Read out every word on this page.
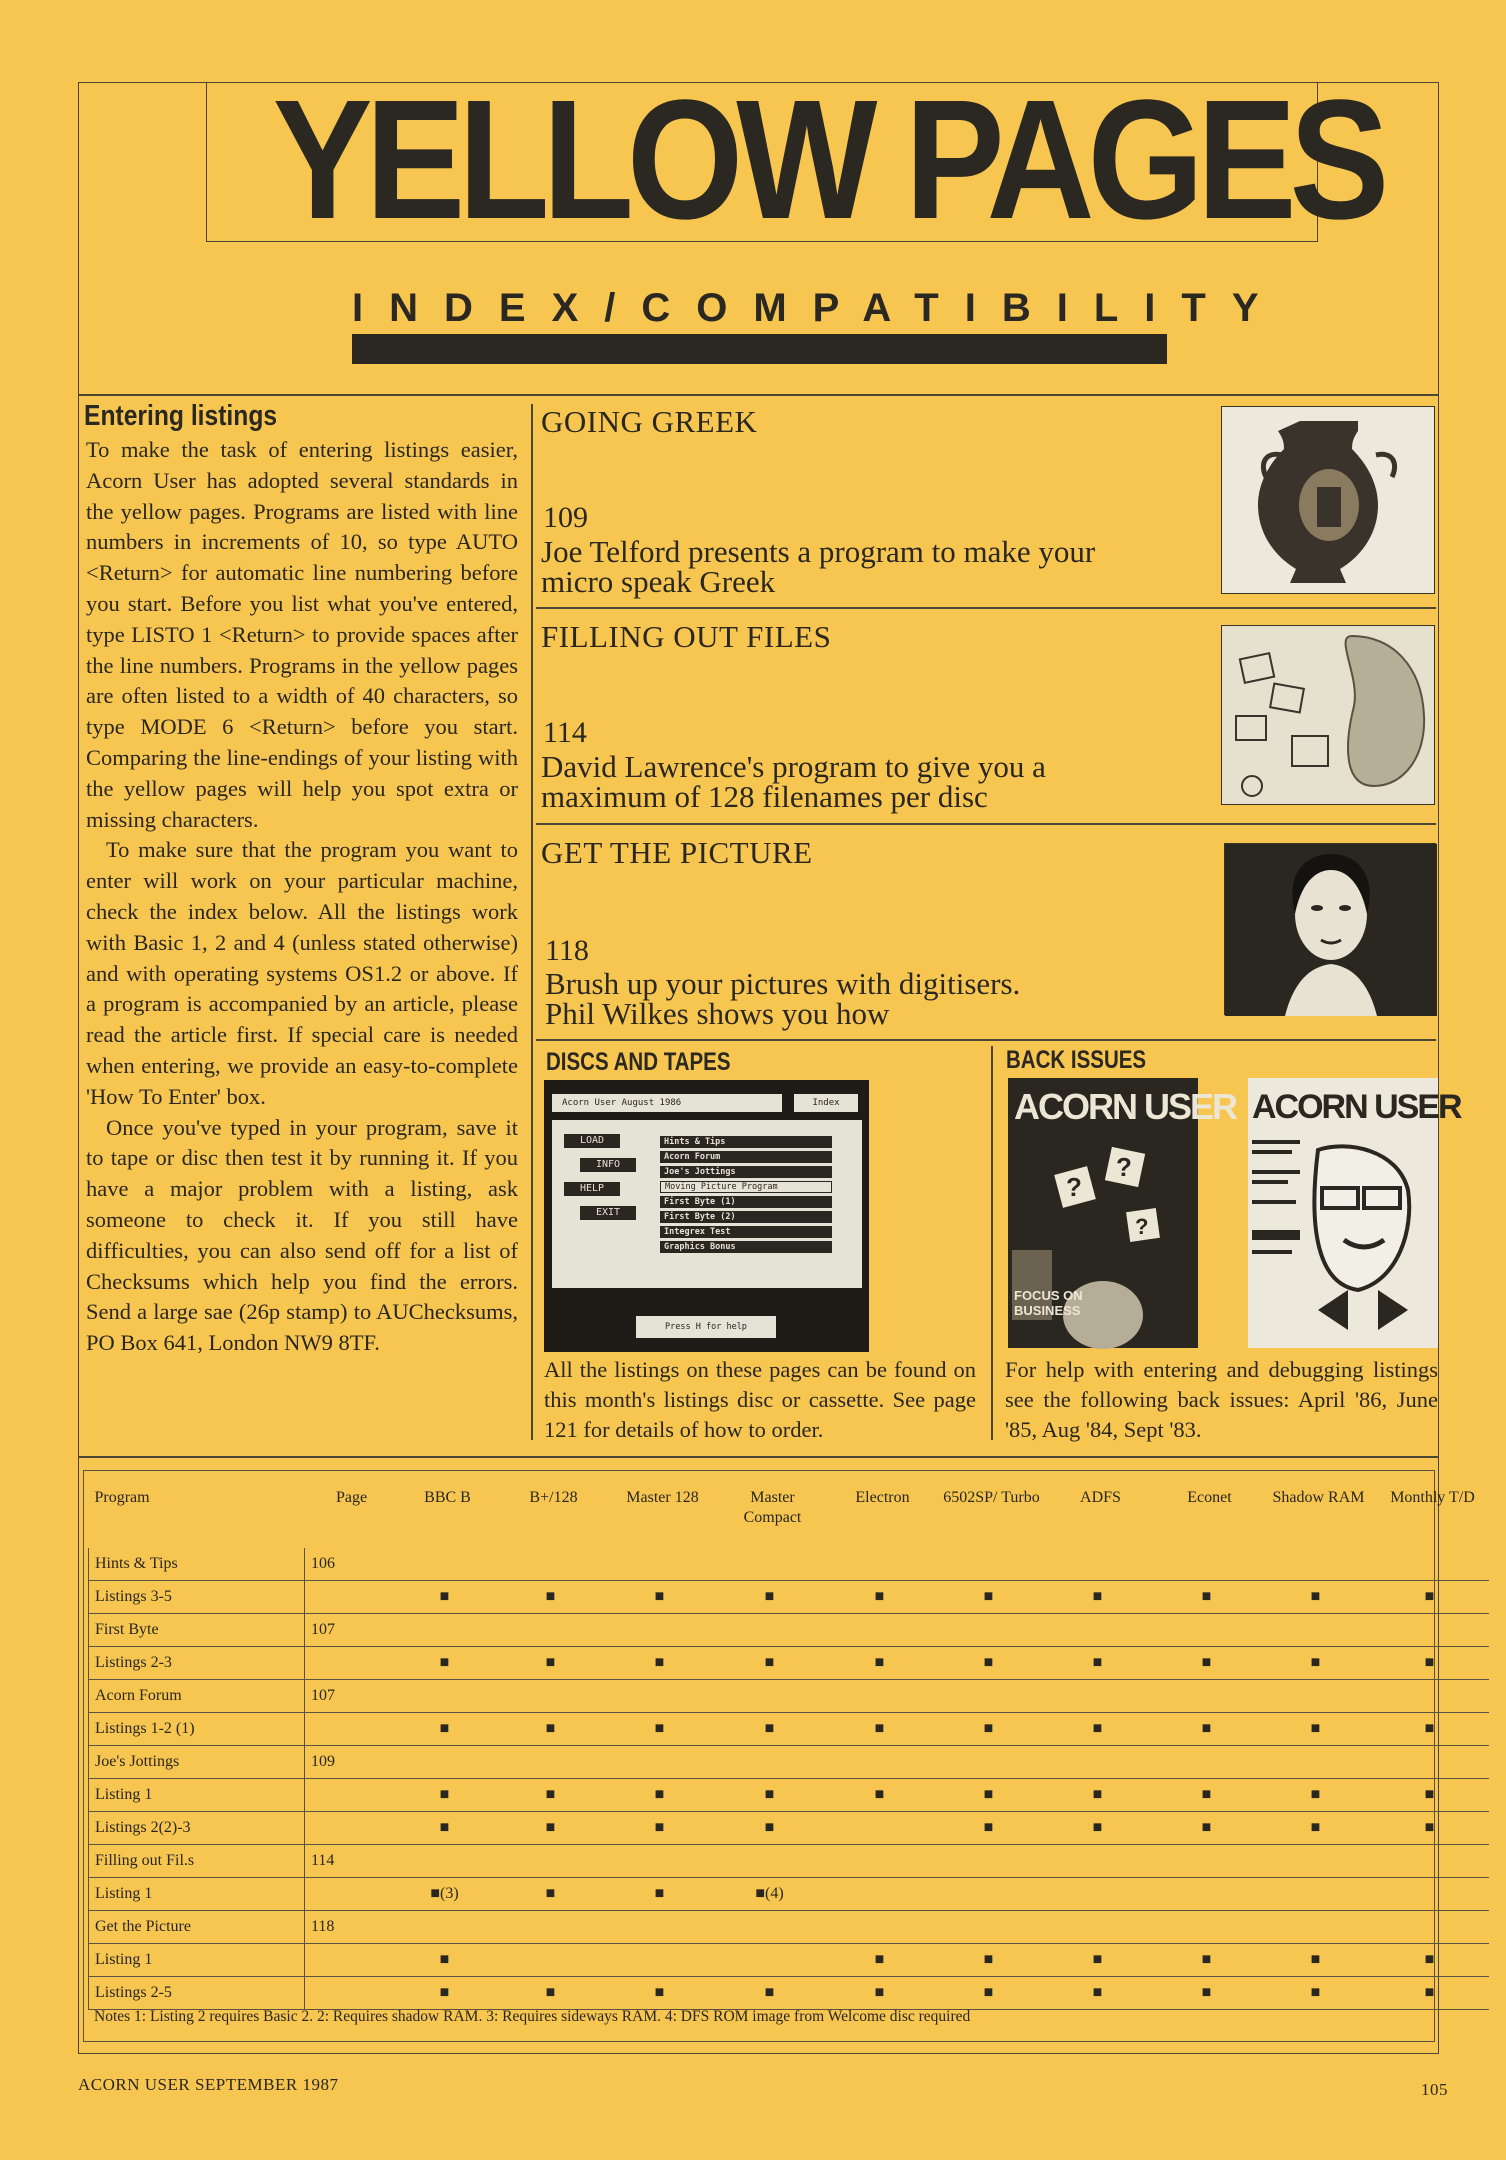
YELLOW PAGES
INDEX/COMPATIBILITY
Entering listings

To make the task of entering listings easier, Acorn User has adopted several standards in the yellow pages. Programs are listed with line numbers in increments of 10, so type AUTO <Return> for automatic line numbering before you start. Before you list what you've entered, type LISTO 1 <Return> to provide spaces after the line numbers. Programs in the yellow pages are often listed to a width of 40 characters, so type MODE 6 <Return> before you start. Comparing the line-endings of your listing with the yellow pages will help you spot extra or missing characters.

To make sure that the program you want to enter will work on your particular machine, check the index below. All the listings work with Basic 1, 2 and 4 (unless stated otherwise) and with operating systems OS1.2 or above. If a program is accompanied by an article, please read the article first. If special care is needed when entering, we provide an easy-to-complete 'How To Enter' box.

Once you've typed in your program, save it to tape or disc then test it by running it. If you have a major problem with a listing, ask someone to check it. If you still have difficulties, you can also send off for a list of Checksums which help you find the errors. Send a large sae (26p stamp) to AUChecksums, PO Box 641, London NW9 8TF.

GOING GREEK
109
Joe Telford presents a program to make your
micro speak Greek
FILLING OUT FILES
114
David Lawrence's program to give you a
maximum of 128 filenames per disc
GET THE PICTURE
118
Brush up your pictures with digitisers.
Phil Wilkes shows you how
DISCS AND TAPES
Acorn User August 1986	Index
LOAD
INFO
HELP
EXIT
Hints & Tips
Acorn Forum
Joe's Jottings
Moving Picture Program
First Byte (1)
First Byte (2)
Integrex Test
Graphics Bonus
Press H for help
All the listings on these pages can be found on this month's listings disc or cassette. See page 121 for details of how to order.
BACK ISSUES
ACORN USER
?
?
?
FOCUS ON BUSINESS
ACORN USER
For help with entering and debugging listings see the following back issues: April '86, June '85, Aug '84, Sept '83.
Program	Page	BBC B	B+/128	Master 128	Master Compact	Electron	6502SP/ Turbo	ADFS	Econet	Shadow RAM	Monthly T/D
Hints & Tips	106										
Listings 3-5		■	■	■	■	■	■	■	■	■	■
First Byte	107										
Listings 2-3		■	■	■	■	■	■	■	■	■	■
Acorn Forum	107										
Listings 1-2 (1)		■	■	■	■	■	■	■	■	■	■
Joe's Jottings	109										
Listing 1		■	■	■	■	■	■	■	■	■	■
Listings 2(2)-3		■	■	■	■		■	■	■	■	■
Filling out Fil.s	114										
Listing 1		■(3)	■	■	■(4)						
Get the Picture	118										
Listing 1		■				■	■	■	■	■	■
Listings 2-5		■	■	■	■	■	■	■	■	■	■
Notes 1: Listing 2 requires Basic 2. 2: Requires shadow RAM. 3: Requires sideways RAM. 4: DFS ROM image from Welcome disc required
ACORN USER SEPTEMBER 1987	105
